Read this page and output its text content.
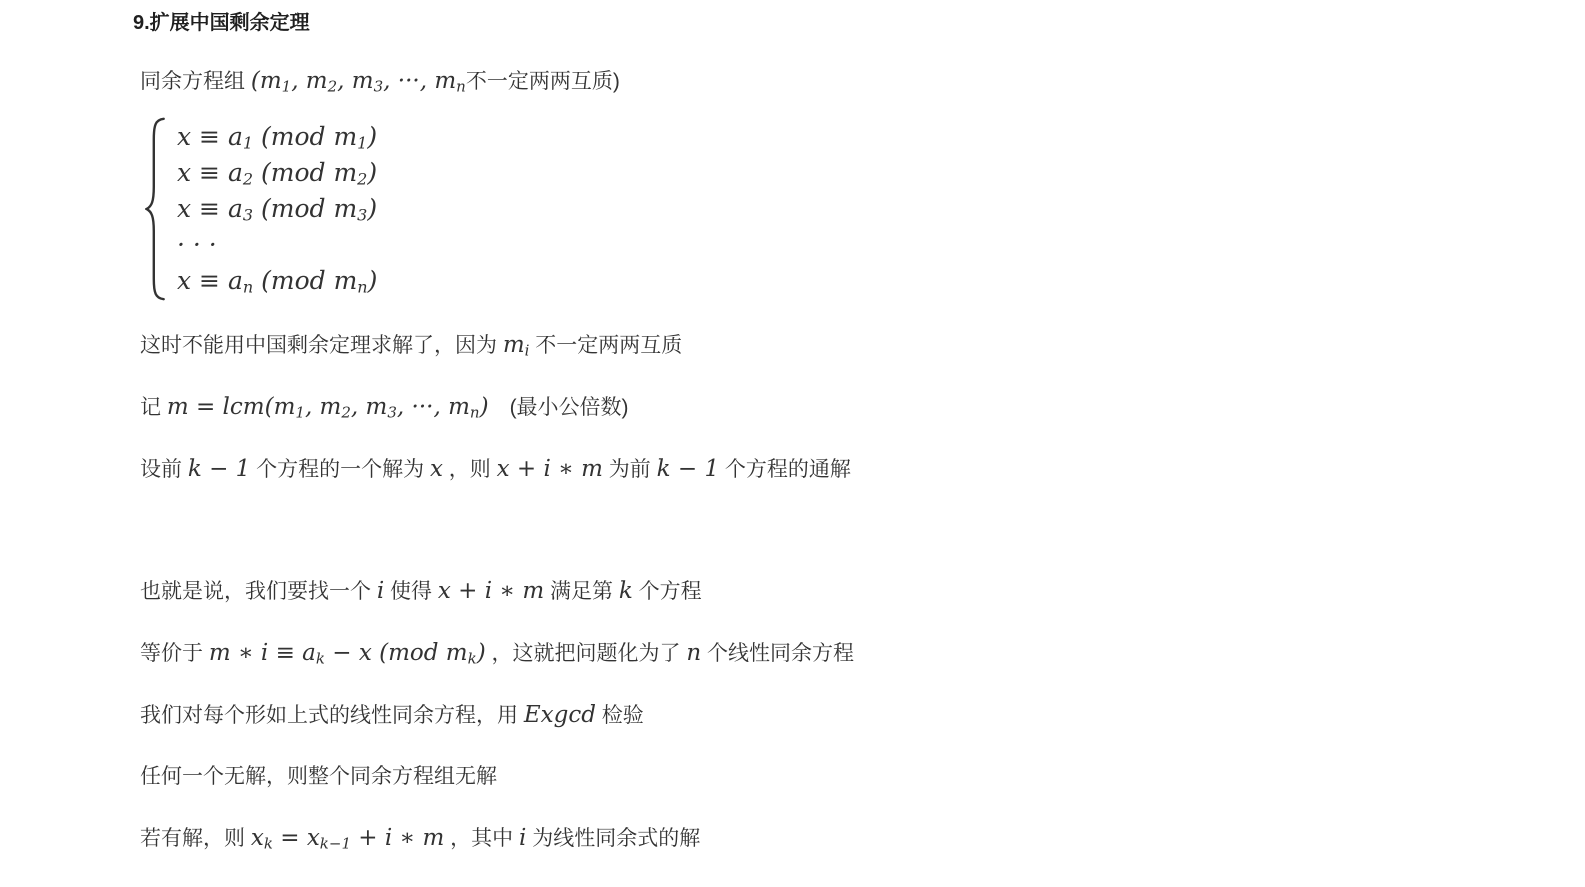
9.扩展中国剩余定理

同余方程组 ($m_1$, $m_2$, $m_3$, ···, $m_n$不一定两两互质)

$x \equiv a_1$ (mod $m_1$)
$x \equiv a_2$ (mod $m_2$)
$x \equiv a_3$ (mod $m_3$)
· · ·
$x \equiv a_n$ (mod $m_n$)

这时不能用中国剩余定理求解了，因为 $m_i$ 不一定两两互质

记 $m = lcm(m_1$, $m_2$, $m_3$, ···, $m_n$) (最小公倍数)

设前 k − 1 个方程的一个解为 x ，则 x + i ∗ m 为前 k − 1 个方程的通解

也就是说，我们要找一个 i 使得 x + i ∗ m 满足第 k 个方程

等价于 m ∗ $i \equiv a_k - x$ (mod $m_k$) ，这就把问题化为了 n 个线性同余方程

我们对每个形如上式的线性同余方程，用 Exgcd 检验

任何一个无解，则整个同余方程组无解

若有解，则 $x_k = x_{k-1} + i$ ∗ m ，其中 i 为线性同余式的解
